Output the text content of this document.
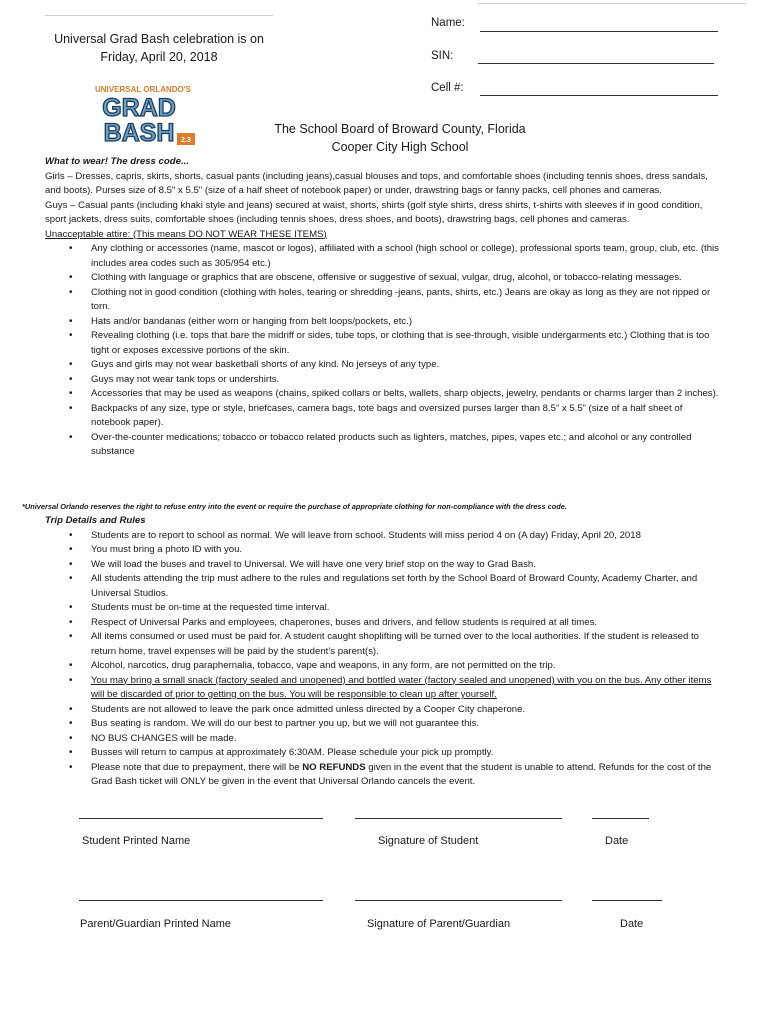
Universal Grad Bash celebration is on
Friday, April 20, 2018
Name:
SIN:
Cell #:
UNIVERSAL ORLANDO'S
GRAD
BASH 2.3
The School Board of Broward County, Florida
Cooper City High School

What to wear! The dress code...

Girls – Dresses, capris, skirts, shorts, casual pants (including jeans),casual blouses and tops, and comfortable shoes (including tennis shoes, dress sandals, and boots). Purses size of 8.5" x 5.5" (size of a half sheet of notebook paper) or under, drawstring bags or fanny packs, cell phones and cameras.

Guys – Casual pants (including khaki style and jeans) secured at waist, shorts, shirts (golf style shirts, dress shirts, t-shirts with sleeves if in good condition, sport jackets, dress suits, comfortable shoes (including tennis shoes, dress shoes, and boots), drawstring bags, cell phones and cameras.

Unacceptable attire: (This means DO NOT WEAR THESE ITEMS)

• Any clothing or accessories (name, mascot or logos), affiliated with a school (high school or college), professional sports team, group, club, etc. (this includes area codes such as 305/954 etc.)
• Clothing with language or graphics that are obscene, offensive or suggestive of sexual, vulgar, drug, alcohol, or tobacco-relating messages.
• Clothing not in good condition (clothing with holes, tearing or shredding -jeans, pants, shirts, etc.) Jeans are okay as long as they are not ripped or torn.
• Hats and/or bandanas (either worn or hanging from belt loops/pockets, etc.)
• Revealing clothing (i.e. tops that bare the midriff or sides, tube tops, or clothing that is see-through, visible undergarments etc.) Clothing that is too tight or exposes excessive portions of the skin.
• Guys and girls may not wear basketball shorts of any kind. No jerseys of any type.
• Guys may not wear tank tops or undershirts.
• Accessories that may be used as weapons (chains, spiked collars or belts, wallets, sharp objects, jewelry, pendants or charms larger than 2 inches).
• Backpacks of any size, type or style, briefcases, camera bags, tote bags and oversized purses larger than 8.5” x 5.5” (size of a half sheet of notebook paper).
• Over-the-counter medications; tobacco or tobacco related products such as lighters, matches, pipes, vapes etc.; and alcohol or any controlled substance
*Universal Orlando reserves the right to refuse entry into the event or require the purchase of appropriate clothing for non-compliance with the dress code.

Trip Details and Rules

• Students are to report to school as normal. We will leave from school. Students will miss period 4 on (A day) Friday, April 20, 2018
• You must bring a photo ID with you.
• We will load the buses and travel to Universal. We will have one very brief stop on the way to Grad Bash.
• All students attending the trip must adhere to the rules and regulations set forth by the School Board of Broward County, Academy Charter, and Universal Studios.
• Students must be on-time at the requested time interval.
• Respect of Universal Parks and employees, chaperones, buses and drivers, and fellow students is required at all times.
• All items consumed or used must be paid for. A student caught shoplifting will be turned over to the local authorities. If the student is released to return home, travel expenses will be paid by the student’s parent(s).
• Alcohol, narcotics, drug paraphernalia, tobacco, vape and weapons, in any form, are not permitted on the trip.
• You may bring a small snack (factory sealed and unopened) and bottled water (factory sealed and unopened) with you on the bus. Any other items will be discarded of prior to getting on the bus. You will be responsible to clean up after yourself.
• Students are not allowed to leave the park once admitted unless directed by a Cooper City chaperone.
• Bus seating is random. We will do our best to partner you up, but we will not guarantee this.
• NO BUS CHANGES will be made.
• Busses will return to campus at approximately 6:30AM. Please schedule your pick up promptly.
• Please note that due to prepayment, there will be NO REFUNDS given in the event that the student is unable to attend. Refunds for the cost of the Grad Bash ticket will ONLY be given in the event that Universal Orlando cancels the event.
Student Printed Name	Signature of Student	Date
Parent/Guardian Printed Name	Signature of Parent/Guardian	Date
